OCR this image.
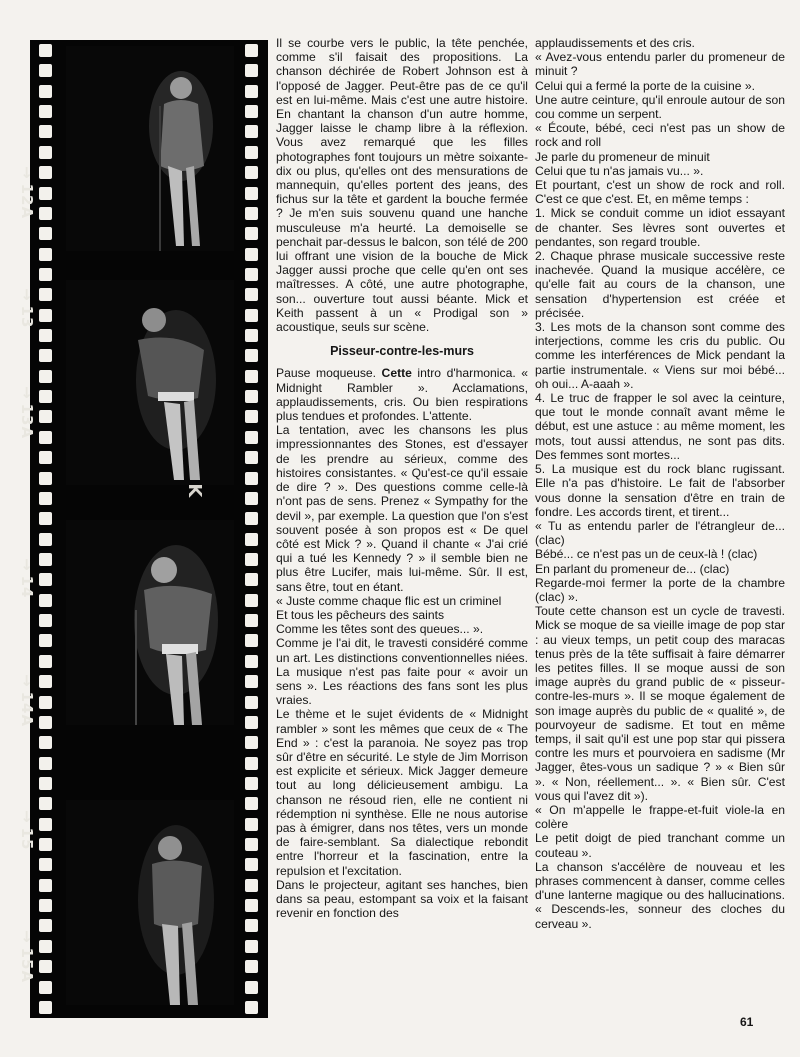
→12A
→13
→13A
→14
→14A
→15
→15A

Il se courbe vers le public, la tête penchée, comme s'il faisait des propositions. La chanson déchirée de Robert Johnson est à l'opposé de Jagger. Peut-être pas de ce qu'il est en lui-même. Mais c'est une autre histoire. En chantant la chanson d'un autre homme, Jagger laisse le champ libre à la réflexion. Vous avez remarqué que les filles photographes font toujours un mètre soixante-dix ou plus, qu'elles ont des mensurations de mannequin, qu'elles portent des jeans, des fichus sur la tête et gardent la bouche fermée ? Je m'en suis souvenu quand une hanche musculeuse m'a heurté. La demoiselle se penchait par-dessus le balcon, son télé de 200 lui offrant une vision de la bouche de Mick Jagger aussi proche que celle qu'en ont ses maîtresses. A côté, une autre photographe, son... ouverture tout aussi béante. Mick et Keith passent à un « Prodigal son » acoustique, seuls sur scène.

Pisseur-contre-les-murs

Pause moqueuse. Cette intro d'harmonica. « Midnight Rambler ». Acclamations, applaudissements, cris. Ou bien respirations plus tendues et profondes. L'attente.

La tentation, avec les chansons les plus impressionnantes des Stones, est d'essayer de les prendre au sérieux, comme des histoires consistantes. « Qu'est-ce qu'il essaie de dire ? ». Des questions comme celle-là n'ont pas de sens. Prenez « Sympathy for the devil », par exemple. La question que l'on s'est souvent posée à son propos est « De quel côté est Mick ? ». Quand il chante « J'ai crié qui a tué les Kennedy ? » il semble bien ne plus être Lucifer, mais lui-même. Sûr. Il est, sans être, tout en étant.

« Juste comme chaque flic est un criminel

Et tous les pêcheurs des saints

Comme les têtes sont des queues... ».

Comme je l'ai dit, le travesti considéré comme un art. Les distinctions conventionnelles niées. La musique n'est pas faite pour « avoir un sens ». Les réactions des fans sont les plus vraies.

Le thème et le sujet évidents de « Midnight rambler » sont les mêmes que ceux de « The End » : c'est la paranoia. Ne soyez pas trop sûr d'être en sécurité. Le style de Jim Morrison est explicite et sérieux. Mick Jagger demeure tout au long délicieusement ambigu. La chanson ne résoud rien, elle ne contient ni rédemption ni synthèse. Elle ne nous autorise pas à émigrer, dans nos têtes, vers un monde de faire-semblant. Sa dialectique rebondit entre l'horreur et la fascination, entre la repulsion et l'excitation.

Dans le projecteur, agitant ses hanches, bien dans sa peau, estompant sa voix et la faisant revenir en fonction des

applaudissements et des cris.

« Avez-vous entendu parler du promeneur de minuit ?

Celui qui a fermé la porte de la cuisine ».

Une autre ceinture, qu'il enroule autour de son cou comme un serpent.

« Écoute, bébé, ceci n'est pas un show de rock and roll

Je parle du promeneur de minuit

Celui que tu n'as jamais vu... ».

Et pourtant, c'est un show de rock and roll. C'est ce que c'est. Et, en même temps :

1. Mick se conduit comme un idiot essayant de chanter. Ses lèvres sont ouvertes et pendantes, son regard trouble.

2. Chaque phrase musicale successive reste inachevée. Quand la musique accélère, ce qu'elle fait au cours de la chanson, une sensation d'hypertension est créée et précisée.

3. Les mots de la chanson sont comme des interjections, comme les cris du public. Ou comme les interférences de Mick pendant la partie instrumentale. « Viens sur moi bébé... oh oui... A-aaah ».

4. Le truc de frapper le sol avec la ceinture, que tout le monde connaît avant même le début, est une astuce : au même moment, les mots, tout aussi attendus, ne sont pas dits. Des femmes sont mortes...

5. La musique est du rock blanc rugissant. Elle n'a pas d'histoire. Le fait de l'absorber vous donne la sensation d'être en train de fondre. Les accords tirent, et tirent...

« Tu as entendu parler de l'étrangleur de... (clac)

Bébé... ce n'est pas un de ceux-là ! (clac)

En parlant du promeneur de... (clac)

Regarde-moi fermer la porte de la chambre (clac) ».

Toute cette chanson est un cycle de travesti. Mick se moque de sa vieille image de pop star : au vieux temps, un petit coup des maracas tenus près de la tête suffisait à faire démarrer les petites filles. Il se moque aussi de son image auprès du grand public de « pisseur-contre-les-murs ». Il se moque également de son image auprès du public de « qualité », de pourvoyeur de sadisme. Et tout en même temps, il sait qu'il est une pop star qui pissera contre les murs et pourvoiera en sadisme (Mr Jagger, êtes-vous un sadique ? » « Bien sûr ». « Non, réellement... ». « Bien sûr. C'est vous qui l'avez dit »).

« On m'appelle le frappe-et-fuit viole-la en colère

Le petit doigt de pied tranchant comme un couteau ».

La chanson s'accélère de nouveau et les phrases commencent à danser, comme celles d'une lanterne magique ou des hallucinations. « Descends-les, sonneur des cloches du cerveau ».

61
